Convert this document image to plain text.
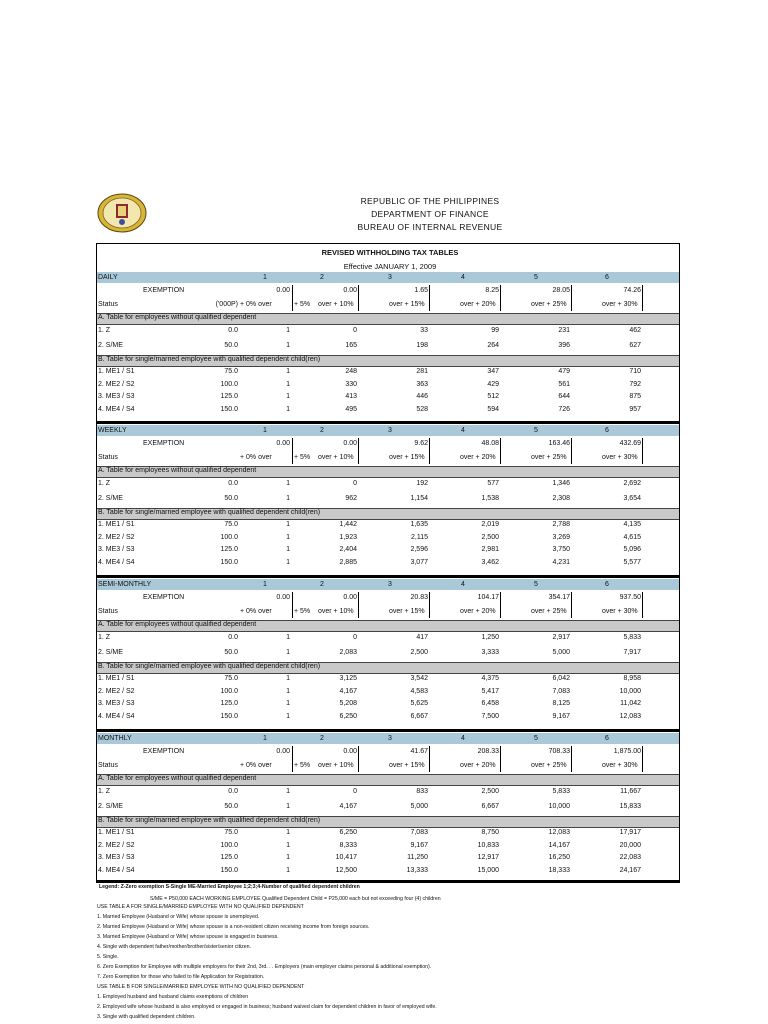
REPUBLIC OF THE PHILIPPINES
DEPARTMENT OF FINANCE
BUREAU OF INTERNAL REVENUE
REVISED WITHHOLDING TAX TABLES
Effective JANUARY 1, 2009
DAILY	1	2	3	4	5	6
EXEMPTION	0.00	0.00	1.65	8.25	28.05	74.26
Status	('000P) + 0% over	+ 5%	over + 10%	over + 15%	over + 20%	over + 25%	over + 30%
A. Table for employees without qualified dependent
1. Z	0.0	1	0	33	99	231	462
2. S/ME	50.0	1	165	198	264	396	627
B. Table for single/married employee with qualified dependent child(ren)
1. ME1 / S1	75.0	1	248	281	347	479	710
2. ME2 / S2	100.0	1	330	363	429	561	792
3. ME3 / S3	125.0	1	413	446	512	644	875
4. ME4 / S4	150.0	1	495	528	594	726	957
WEEKLY	1	2	3	4	5	6
EXEMPTION	0.00	0.00	9.62	48.08	163.46	432.69
Status	+ 0% over	+ 5%	over + 10%	over + 15%	over + 20%	over + 25%	over + 30%
A. Table for employees without qualified dependent
1. Z	0.0	1	0	192	577	1,346	2,692
2. S/ME	50.0	1	962	1,154	1,538	2,308	3,654
B. Table for single/married employee with qualified dependent child(ren)
1. ME1 / S1	75.0	1	1,442	1,635	2,019	2,788	4,135
2. ME2 / S2	100.0	1	1,923	2,115	2,500	3,269	4,615
3. ME3 / S3	125.0	1	2,404	2,596	2,981	3,750	5,096
4. ME4 / S4	150.0	1	2,885	3,077	3,462	4,231	5,577
SEMI-MONTHLY	1	2	3	4	5	6
EXEMPTION	0.00	0.00	20.83	104.17	354.17	937.50
Status	+ 0% over	+ 5%	over + 10%	over + 15%	over + 20%	over + 25%	over + 30%
A. Table for employees without qualified dependent
1. Z	0.0	1	0	417	1,250	2,917	5,833
2. S/ME	50.0	1	2,083	2,500	3,333	5,000	7,917
B. Table for single/married employee with qualified dependent child(ren)
1. ME1 / S1	75.0	1	3,125	3,542	4,375	6,042	8,958
2. ME2 / S2	100.0	1	4,167	4,583	5,417	7,083	10,000
3. ME3 / S3	125.0	1	5,208	5,625	6,458	8,125	11,042
4. ME4 / S4	150.0	1	6,250	6,667	7,500	9,167	12,083
MONTHLY	1	2	3	4	5	6
EXEMPTION	0.00	0.00	41.67	208.33	708.33	1,875.00
Status	+ 0% over	+ 5%	over + 10%	over + 15%	over + 20%	over + 25%	over + 30%
A. Table for employees without qualified dependent
1. Z	0.0	1	0	833	2,500	5,833	11,667
2. S/ME	50.0	1	4,167	5,000	6,667	10,000	15,833
B. Table for single/married employee with qualified dependent child(ren)
1. ME1 / S1	75.0	1	6,250	7,083	8,750	12,083	17,917
2. ME2 / S2	100.0	1	8,333	9,167	10,833	14,167	20,000
3. ME3 / S3	125.0	1	10,417	11,250	12,917	16,250	22,083
4. ME4 / S4	150.0	1	12,500	13,333	15,000	18,333	24,167
Legend: Z-Zero exemption S-Single ME-Married Employee 1;2;3;4-Number of qualified dependent children
S/ME = P50,000 EACH WORKING EMPLOYEE Qualified Dependent Child = P25,000 each but not exceeding four (4) children
USE TABLE A FOR SINGLE/MARRIED EMPLOYEE WITH NO QUALIFIED DEPENDENT
1. Married Employee (Husband or Wife) whose spouse is unemployed.
2. Married Employee (Husband or Wife) whose spouse is a non-resident citizen receiving income from foreign sources.
3. Married Employee (Husband or Wife) whose spouse is engaged in business.
4. Single with dependent father/mother/brother/sister/senior citizen.
5. Single.
6. Zero Exemption for Employee with multiple employers for their 2nd, 3rd. . . Employers (main employer claims personal & additional exemption).
7. Zero Exemption for those who failed to file Application for Registration.
USE TABLE B FOR SINGLE/MARRIED EMPLOYEE WITH NO QUALIFIED DEPENDENT
1. Employed husband and husband claims exemptions of children
2. Employed wife whose husband is also employed or engaged in business; husband waived claim for dependent children in favor of employed wife.
3. Single with qualified dependent children.
